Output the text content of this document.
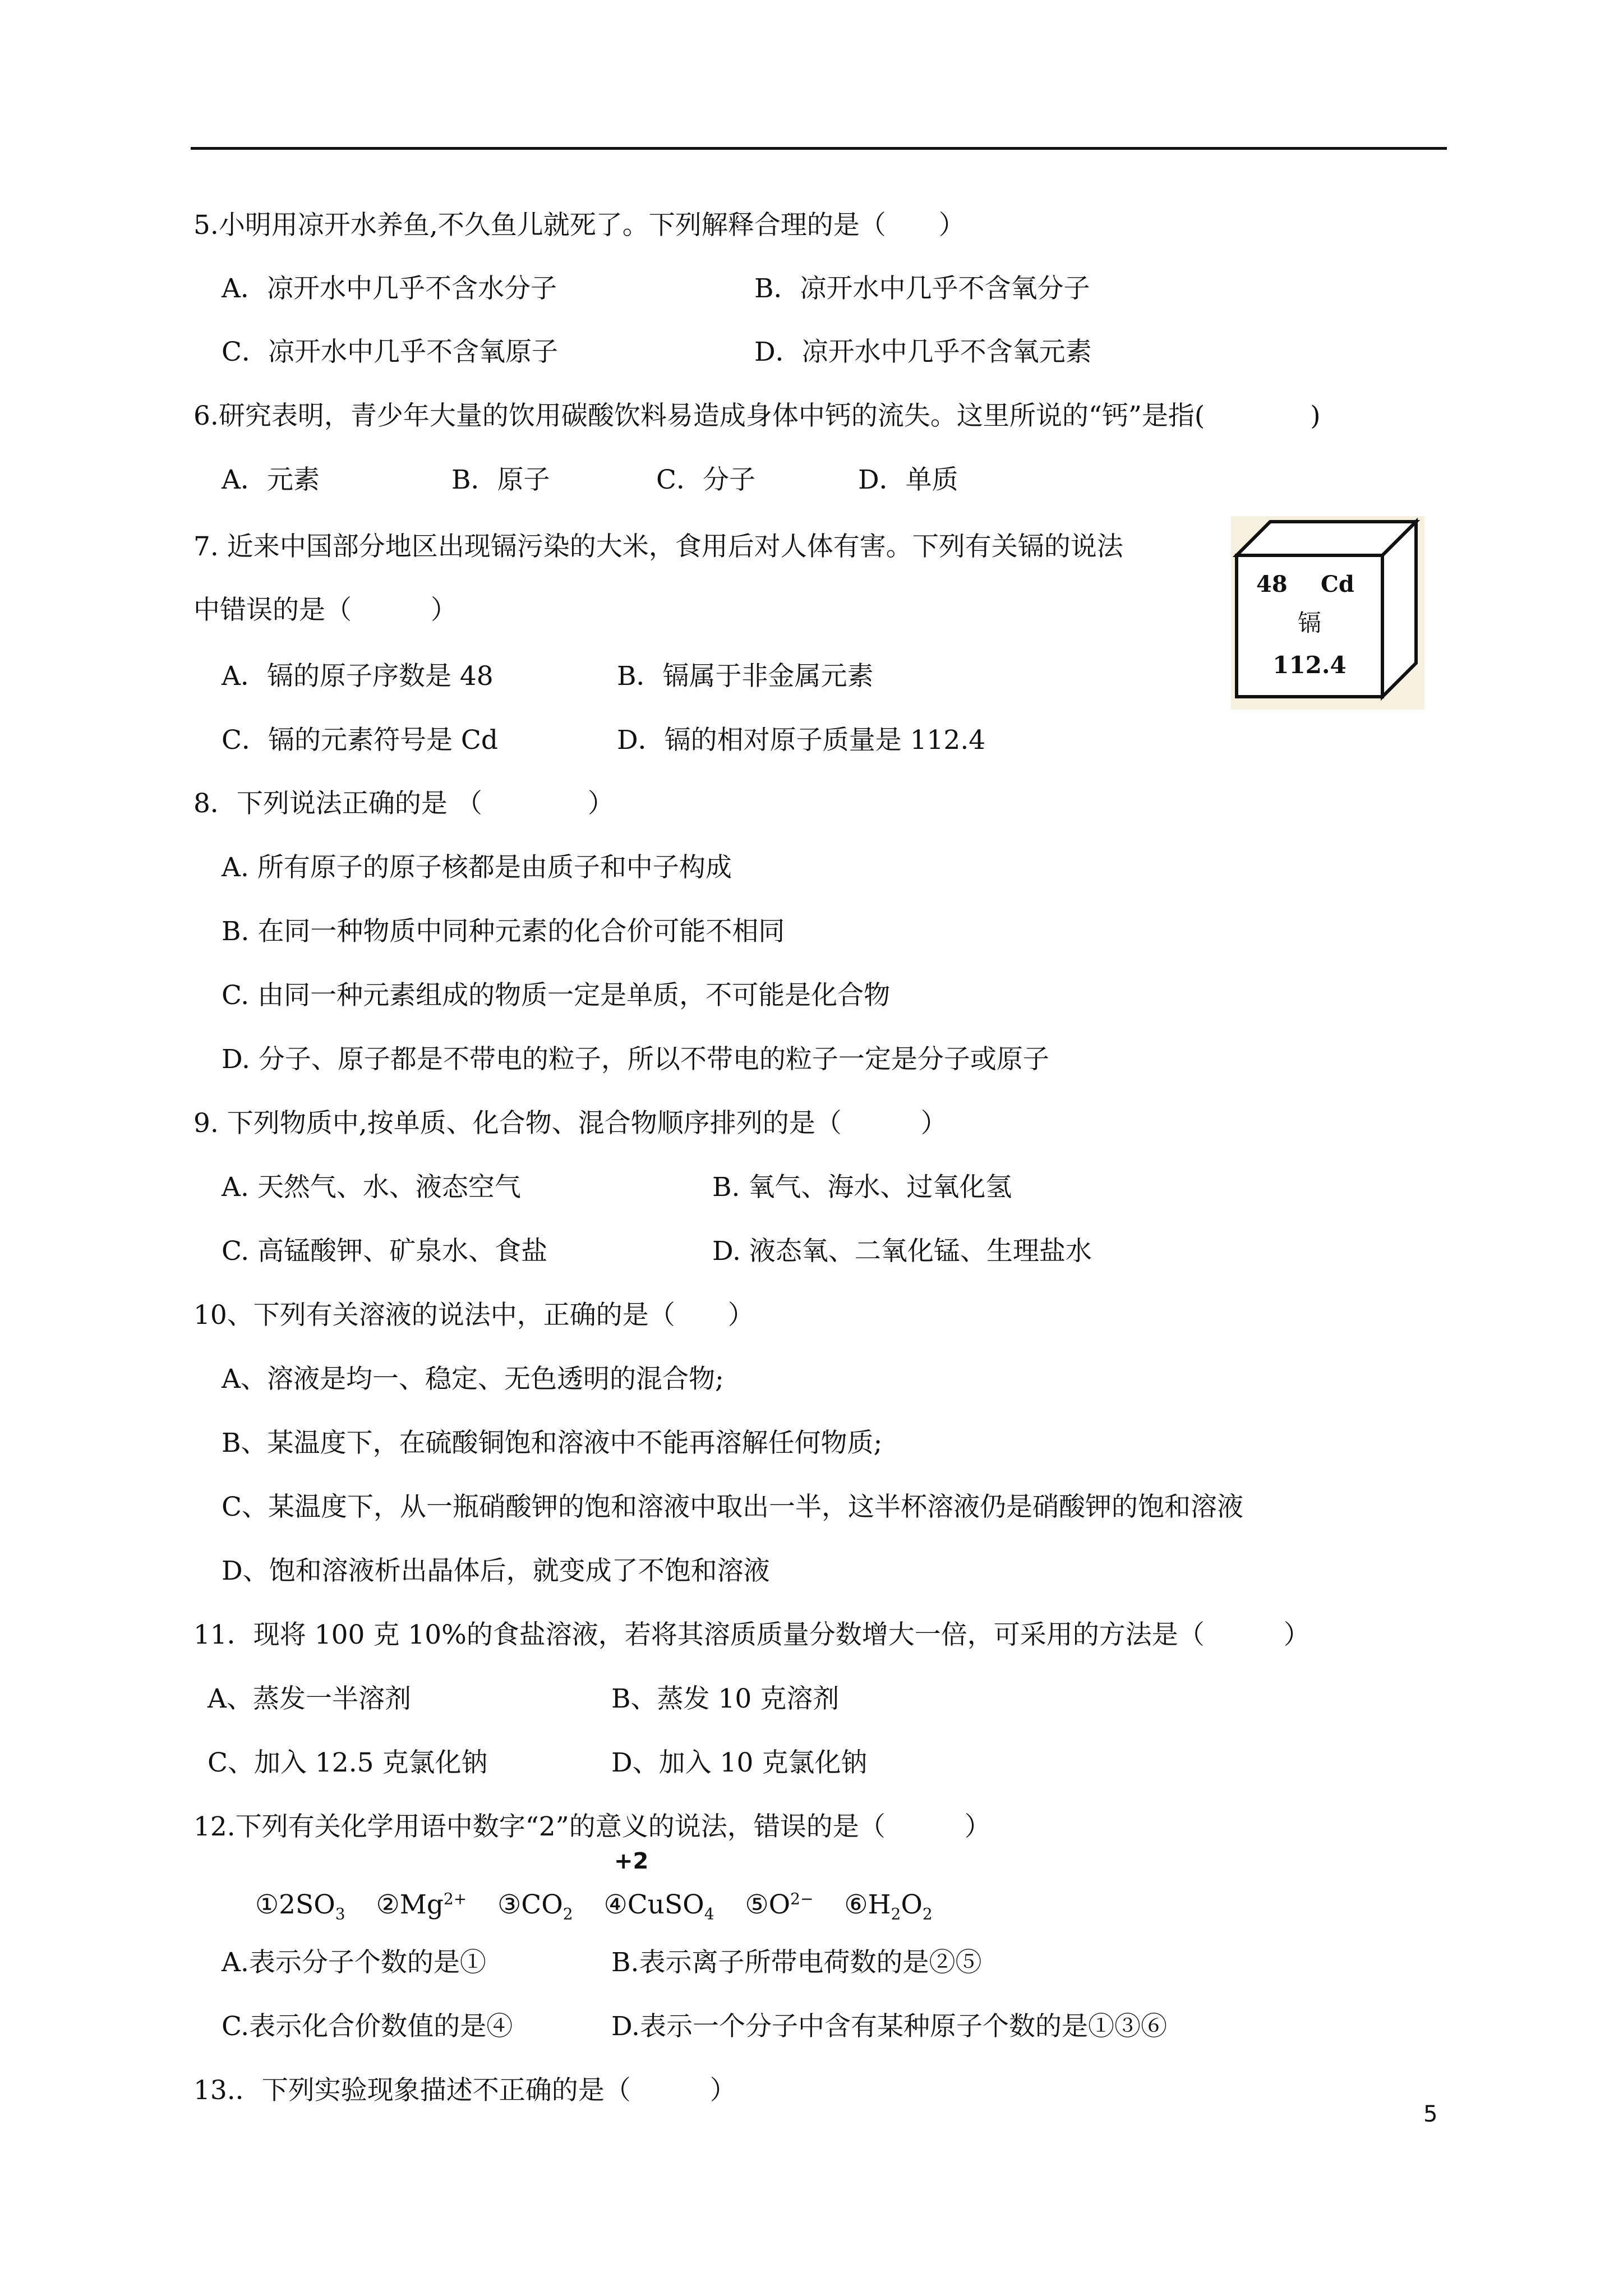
5.小明用凉开水养鱼,不久鱼儿就死了。下列解释合理的是（　　）
A．凉开水中几乎不含水分子	B．凉开水中几乎不含氧分子
C．凉开水中几乎不含氧原子	D．凉开水中几乎不含氧元素
6.研究表明，青少年大量的饮用碳酸饮料易造成身体中钙的流失。这里所说的“钙”是指(　　　　)
A．元素	B．原子	C．分子	D．单质
7. 近来中国部分地区出现镉污染的大米，食用后对人体有害。下列有关镉的说法
中错误的是（　　　）
A．镉的原子序数是 48	B．镉属于非金属元素
C．镉的元素符号是 Cd	D．镉的相对原子质量是 112.4
48 Cd
镉
112.4
8．下列说法正确的是 （　　　　）
A. 所有原子的原子核都是由质子和中子构成
B. 在同一种物质中同种元素的化合价可能不相同
C. 由同一种元素组成的物质一定是单质，不可能是化合物
D. 分子、原子都是不带电的粒子，所以不带电的粒子一定是分子或原子
9. 下列物质中,按单质、化合物、混合物顺序排列的是（　　　）
A. 天然气、水、液态空气	B. 氧气、海水、过氧化氢
C. 高锰酸钾、矿泉水、食盐	D. 液态氧、二氧化锰、生理盐水
10、下列有关溶液的说法中，正确的是（　　）
A、溶液是均一、稳定、无色透明的混合物;
B、某温度下，在硫酸铜饱和溶液中不能再溶解任何物质;
C、某温度下，从一瓶硝酸钾的饱和溶液中取出一半，这半杯溶液仍是硝酸钾的饱和溶液
D、饱和溶液析出晶体后，就变成了不饱和溶液
11．现将 100 克 10%的食盐溶液，若将其溶质质量分数增大一倍，可采用的方法是（　　　）
A、蒸发一半溶剂	B、蒸发 10 克溶剂
C、加入 12.5 克氯化钠	D、加入 10 克氯化钠
12.下列有关化学用语中数字“2”的意义的说法，错误的是（　　　）
+2
$①2SO_3$ $②Mg^{2+}$ $③CO_2$ ④CuSO$_4$ $⑤O^{2-}$ $⑥H_2O_2$
A.表示分子个数的是①	B.表示离子所带电荷数的是②⑤
C.表示化合价数值的是④	D.表示一个分子中含有某种原子个数的是①③⑥
13.．下列实验现象描述不正确的是（　　　）
5
